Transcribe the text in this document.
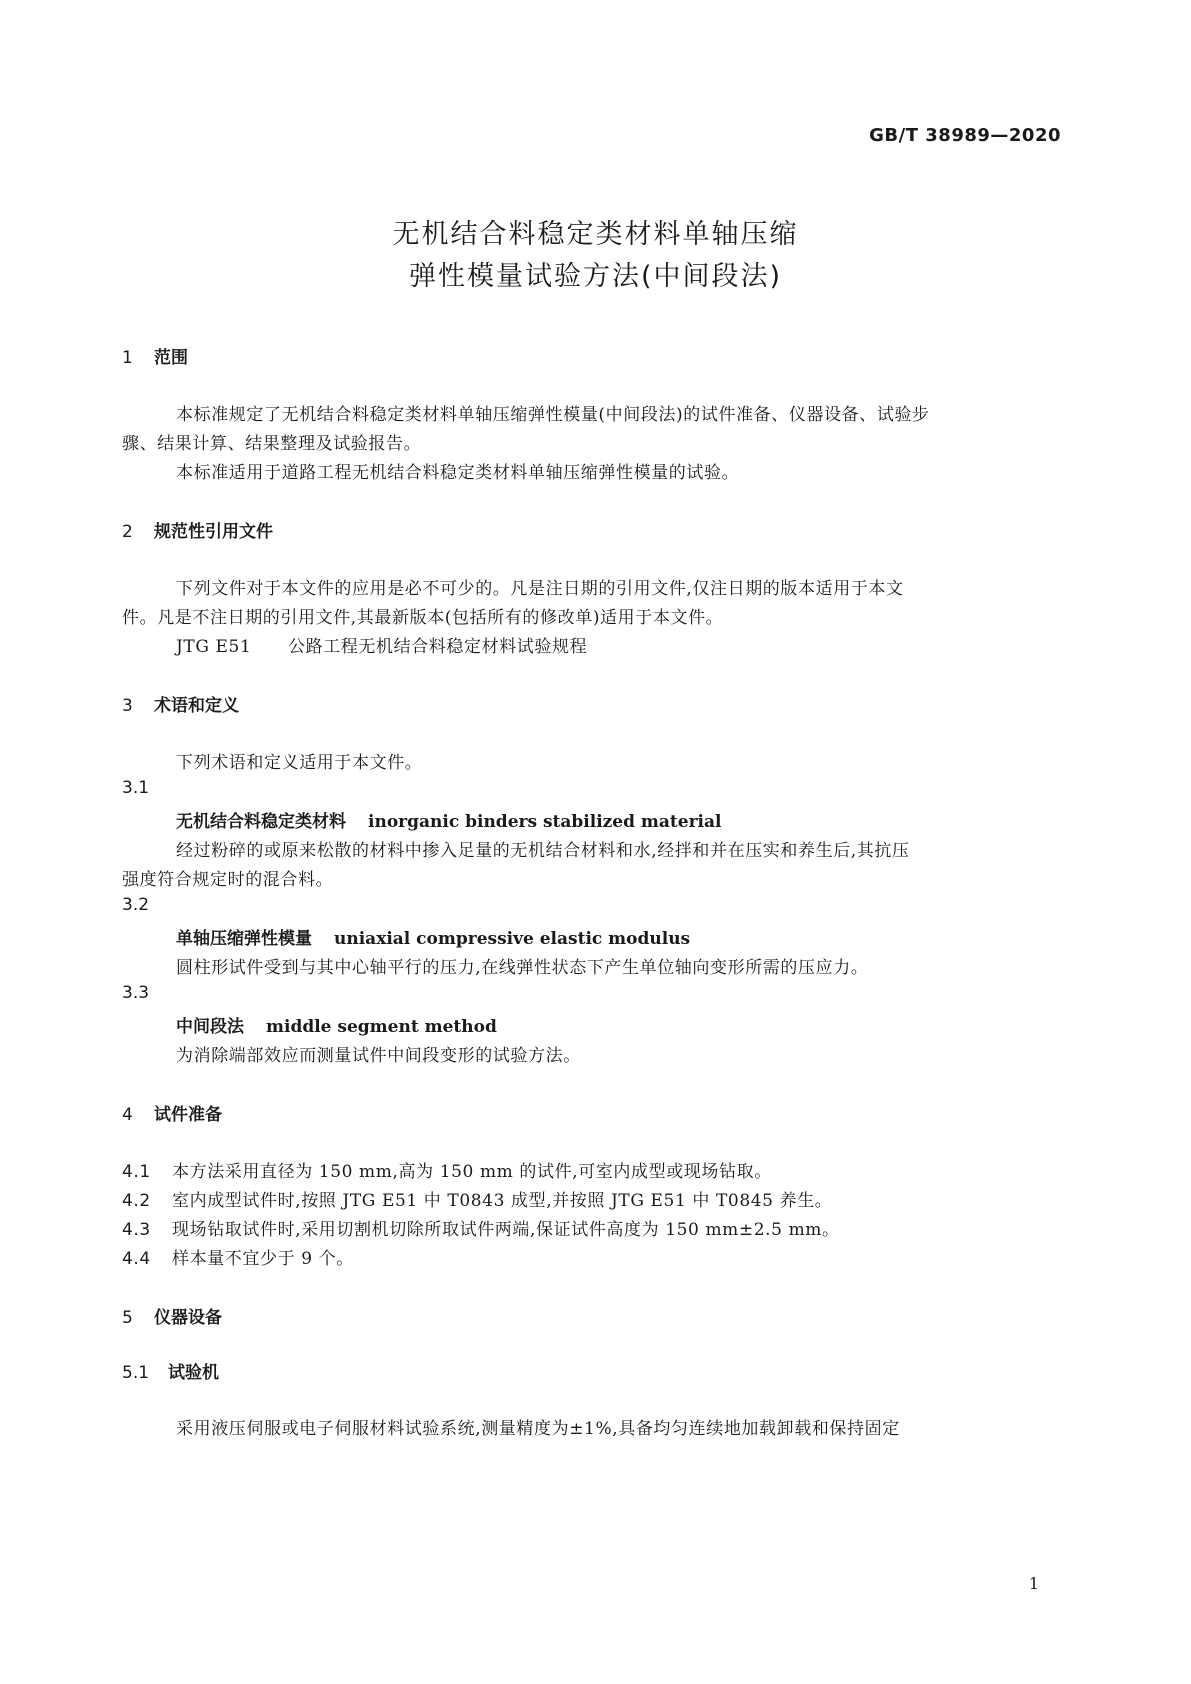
GB/T 38989—2020
无机结合料稳定类材料单轴压缩
弹性模量试验方法(中间段法)
1 范围
本标准规定了无机结合料稳定类材料单轴压缩弹性模量(中间段法)的试件准备、仪器设备、试验步
骤、结果计算、结果整理及试验报告。
本标准适用于道路工程无机结合料稳定类材料单轴压缩弹性模量的试验。
2 规范性引用文件
下列文件对于本文件的应用是必不可少的。凡是注日期的引用文件,仅注日期的版本适用于本文
件。凡是不注日期的引用文件,其最新版本(包括所有的修改单)适用于本文件。
JTG E51 公路工程无机结合料稳定材料试验规程
3 术语和定义
下列术语和定义适用于本文件。
3.1
无机结合料稳定类材料 inorganic binders stabilized material
经过粉碎的或原来松散的材料中掺入足量的无机结合材料和水,经拌和并在压实和养生后,其抗压
强度符合规定时的混合料。
3.2
单轴压缩弹性模量 uniaxial compressive elastic modulus
圆柱形试件受到与其中心轴平行的压力,在线弹性状态下产生单位轴向变形所需的压应力。
3.3
中间段法 middle segment method
为消除端部效应而测量试件中间段变形的试验方法。
4 试件准备
4.1 本方法采用直径为 150 mm,高为 150 mm 的试件,可室内成型或现场钻取。
4.2 室内成型试件时,按照 JTG E51 中 T0843 成型,并按照 JTG E51 中 T0845 养生。
4.3 现场钻取试件时,采用切割机切除所取试件两端,保证试件高度为 150 mm±2.5 mm。
4.4 样本量不宜少于 9 个。
5 仪器设备
5.1 试验机
采用液压伺服或电子伺服材料试验系统,测量精度为±1%,具备均匀连续地加载卸载和保持固定
1
